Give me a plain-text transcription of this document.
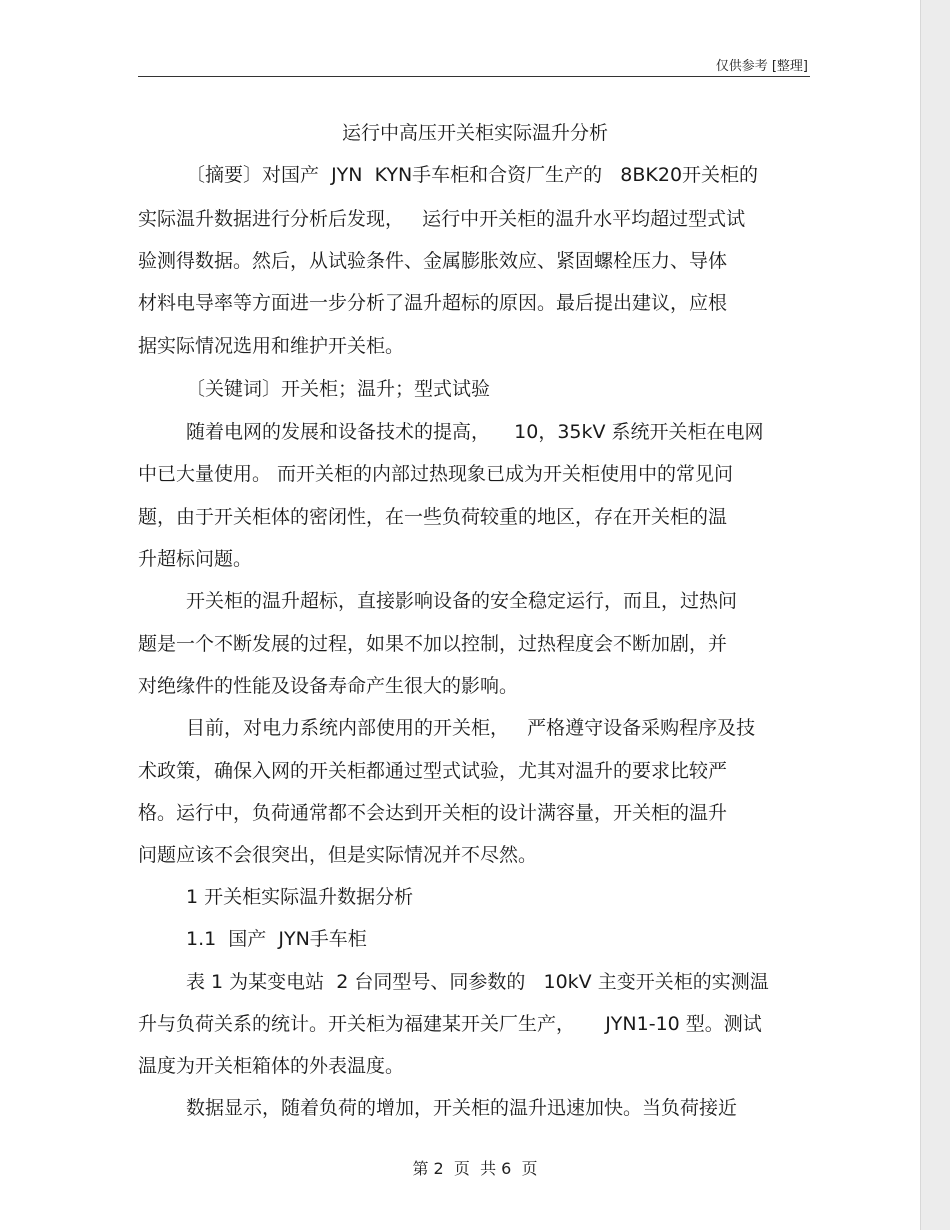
仅供参考 [整理]
运行中高压开关柜实际温升分析
〔摘要〕对国产  JYN  KYN手车柜和合资厂生产的   8BK20开关柜的
实际温升数据进行分析后发现，   运行中开关柜的温升水平均超过型式试
验测得数据。然后，从试验条件、金属膨胀效应、紧固螺栓压力、导体
材料电导率等方面进一步分析了温升超标的原因。最后提出建议，应根
据实际情况选用和维护开关柜。
〔关键词〕开关柜；温升；型式试验
随着电网的发展和设备技术的提高，    10，35kV 系统开关柜在电网
中已大量使用。 而开关柜的内部过热现象已成为开关柜使用中的常见问
题，由于开关柜体的密闭性，在一些负荷较重的地区，存在开关柜的温
升超标问题。
开关柜的温升超标，直接影响设备的安全稳定运行，而且，过热问
题是一个不断发展的过程，如果不加以控制，过热程度会不断加剧，并
对绝缘件的性能及设备寿命产生很大的影响。
目前，对电力系统内部使用的开关柜，   严格遵守设备采购程序及技
术政策，确保入网的开关柜都通过型式试验，尤其对温升的要求比较严
格。运行中，负荷通常都不会达到开关柜的设计满容量，开关柜的温升
问题应该不会很突出，但是实际情况并不尽然。
1 开关柜实际温升数据分析
1.1  国产  JYN手车柜
表 1 为某变电站  2 台同型号、同参数的   10kV 主变开关柜的实测温
升与负荷关系的统计。开关柜为福建某开关厂生产，     JYN1-10 型。测试
温度为开关柜箱体的外表温度。
数据显示，随着负荷的增加，开关柜的温升迅速加快。当负荷接近
第 2  页  共 6  页
